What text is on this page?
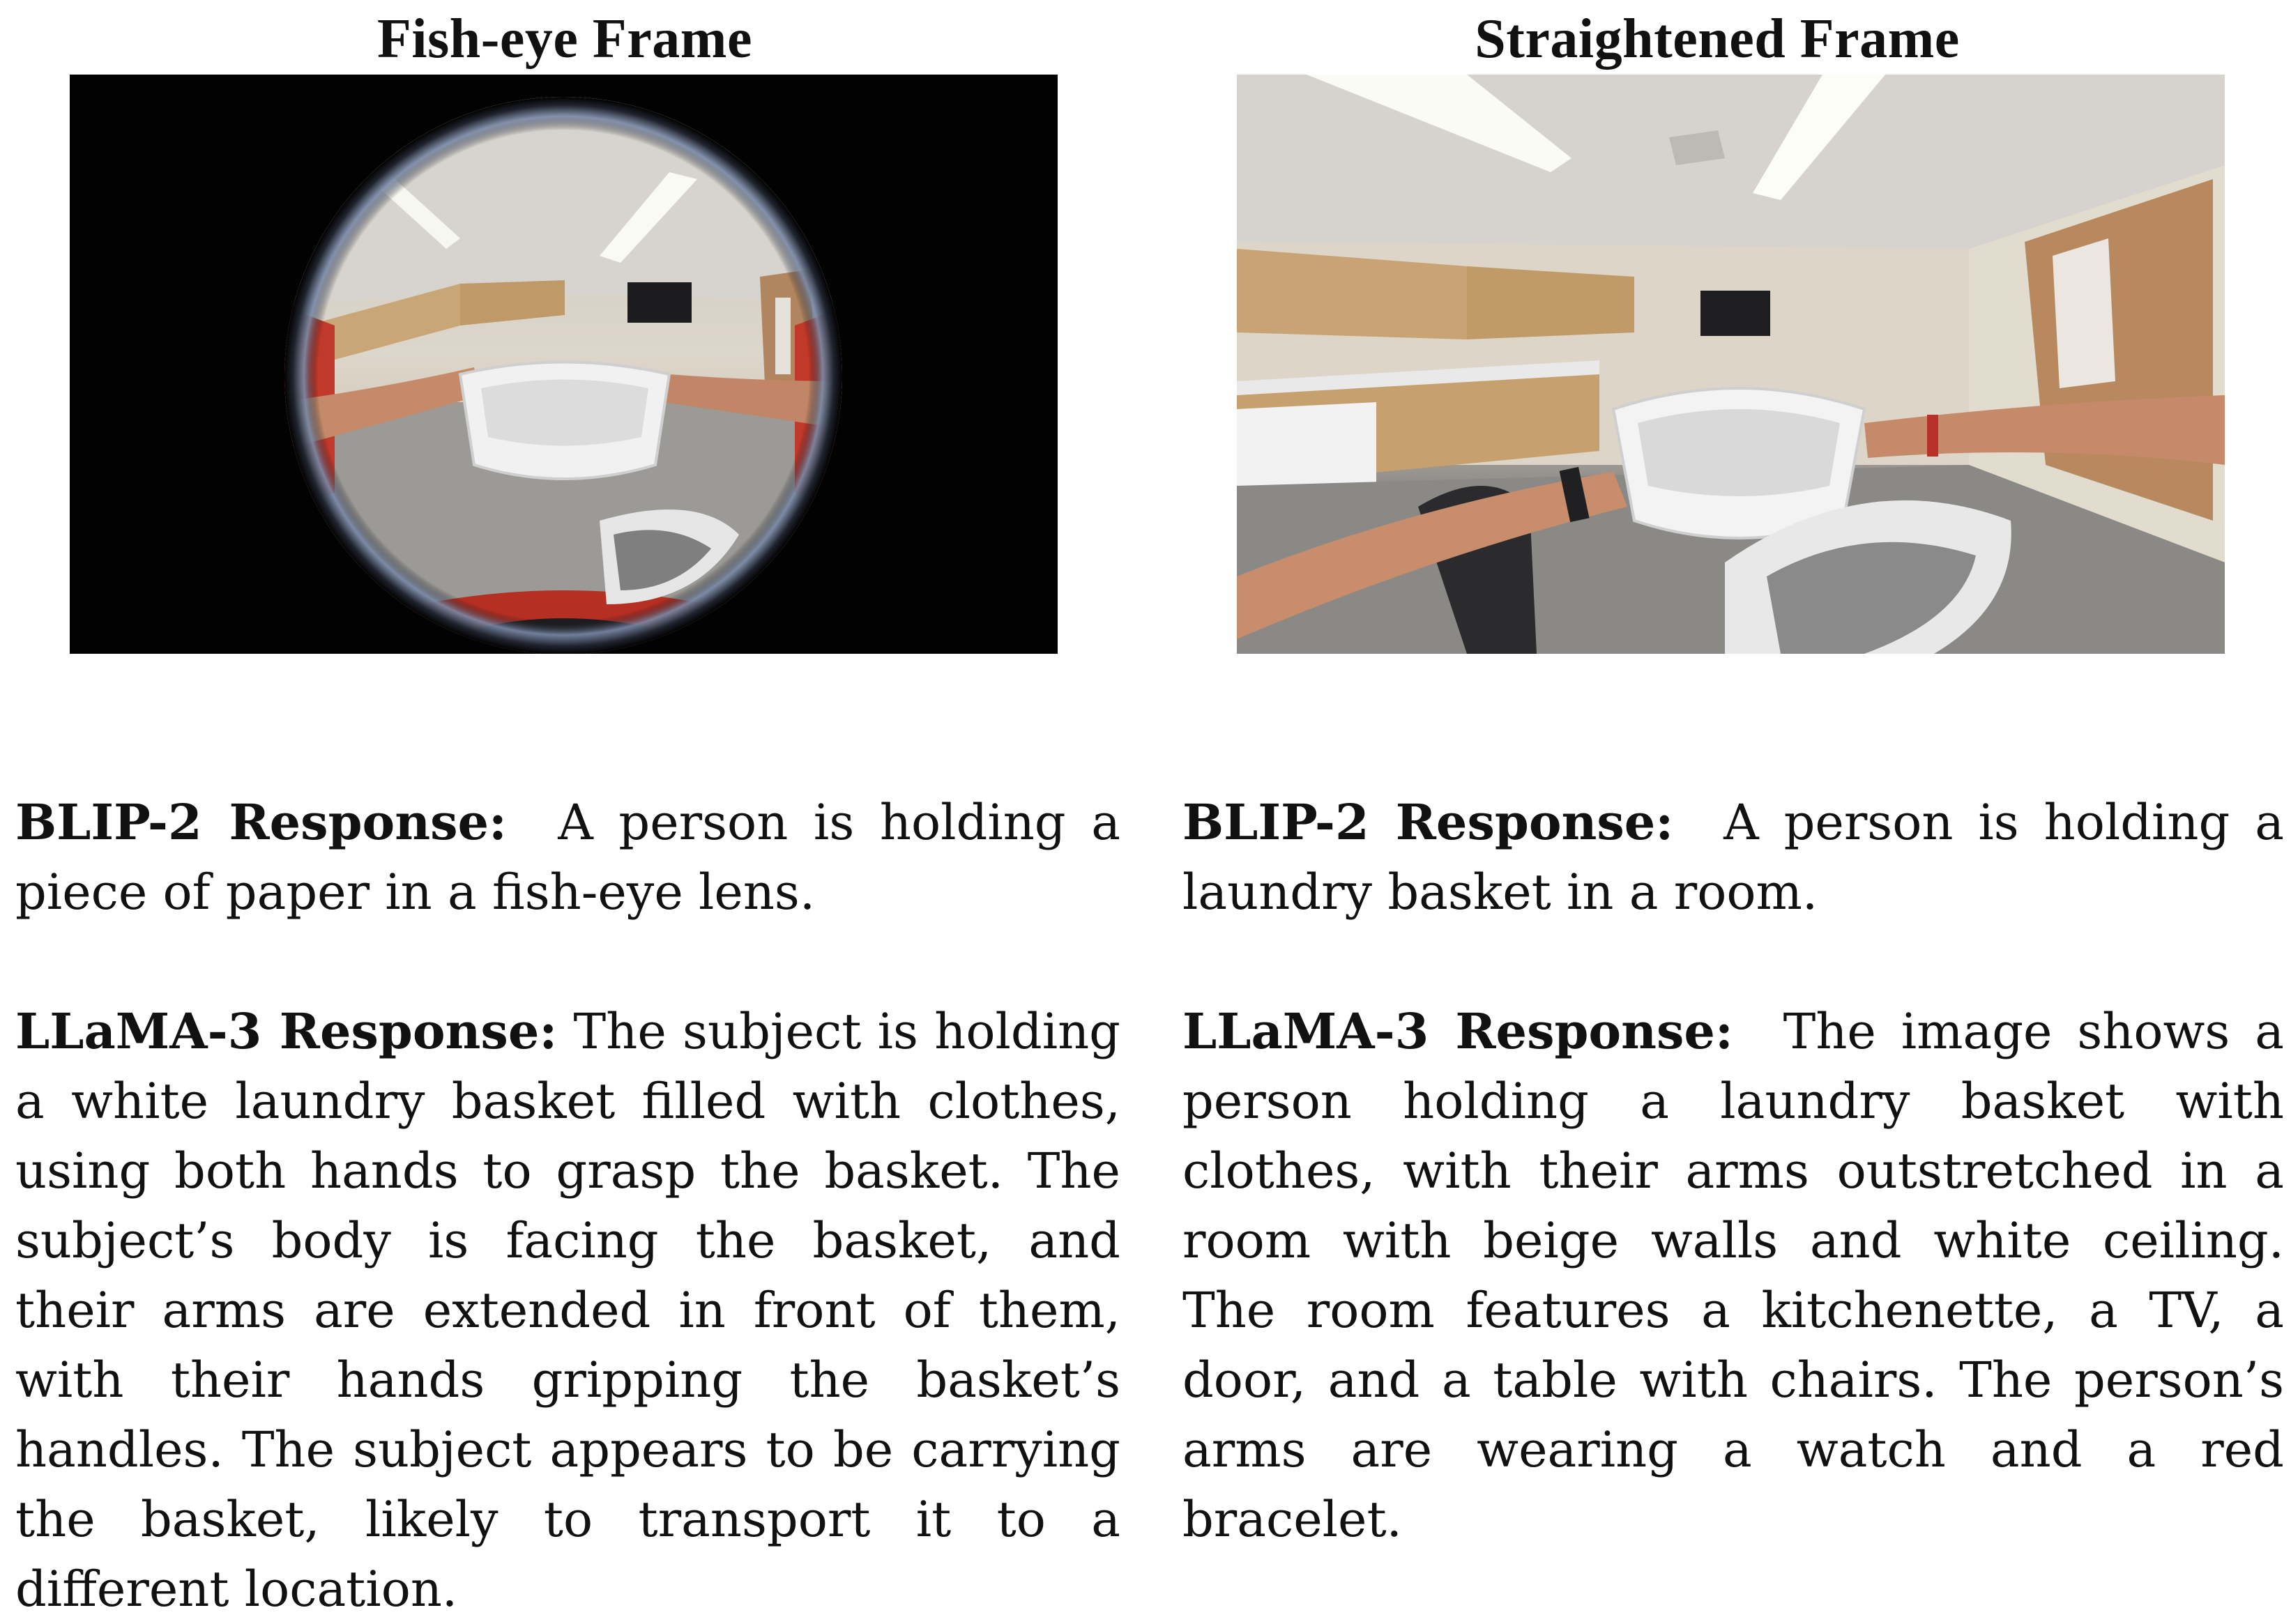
Fish-eye Frame

BLIP-2 Response: A person is holding a piece of paper in a fish-eye lens.

LLaMA-3 Response: The subject is holding a white laundry basket filled with clothes, using both hands to grasp the basket. The subject’s body is facing the basket, and their arms are extended in front of them, with their hands gripping the basket’s handles. The subject appears to be carrying the basket, likely to transport it to a different location.

Straightened Frame

BLIP-2 Response: A person is holding a laundry basket in a room.

LLaMA-3 Response: The image shows a person holding a laundry basket with clothes, with their arms outstretched in a room with beige walls and white ceiling. The room features a kitchenette, a TV, a door, and a table with chairs. The person’s arms are wearing a watch and a red bracelet.
